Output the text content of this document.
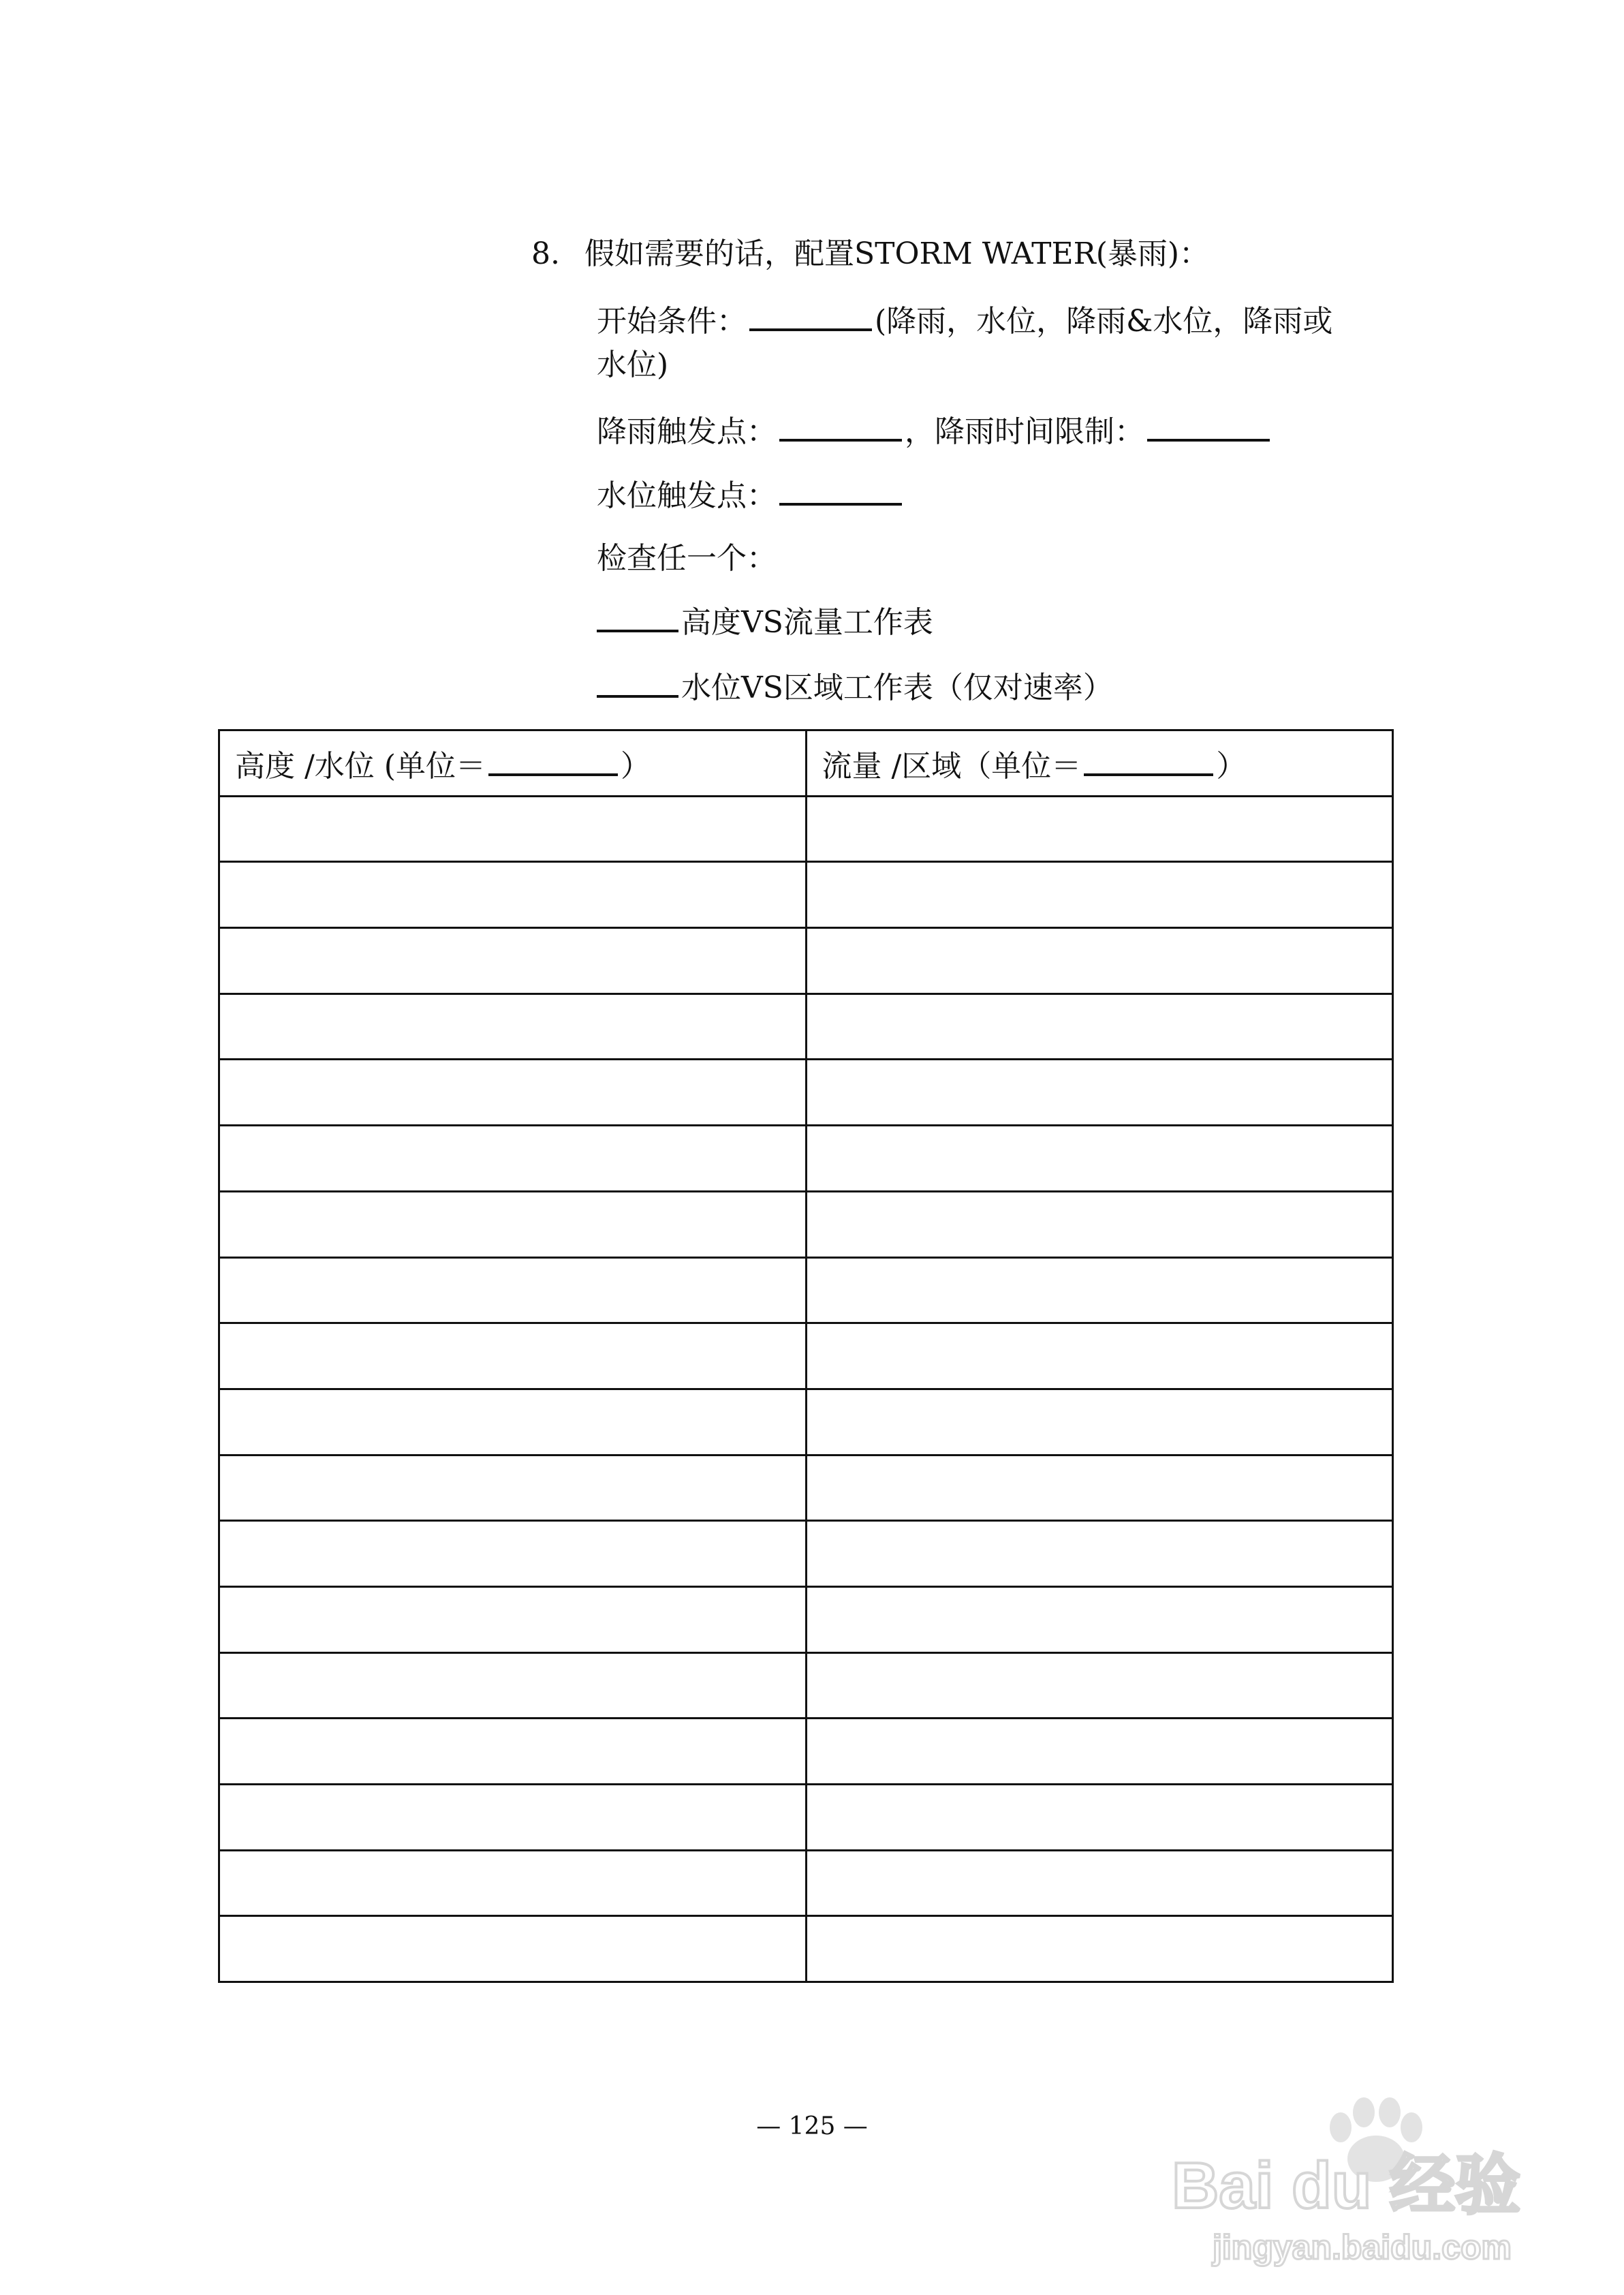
8. 假如需要的话，配置STORM WATER(暴雨)：
开始条件：	(降雨，水位，降雨&水位，降雨或
水位)
降雨触发点：	，降雨时间限制：
水位触发点：
检查任一个：
高度VS流量工作表
水位VS区域工作表（仅对速率）
高度 /水位 (单位＝ ）	流量 /区域（单位＝ ）

— 125 —
Bai du 经验
jingyan.baidu.com
